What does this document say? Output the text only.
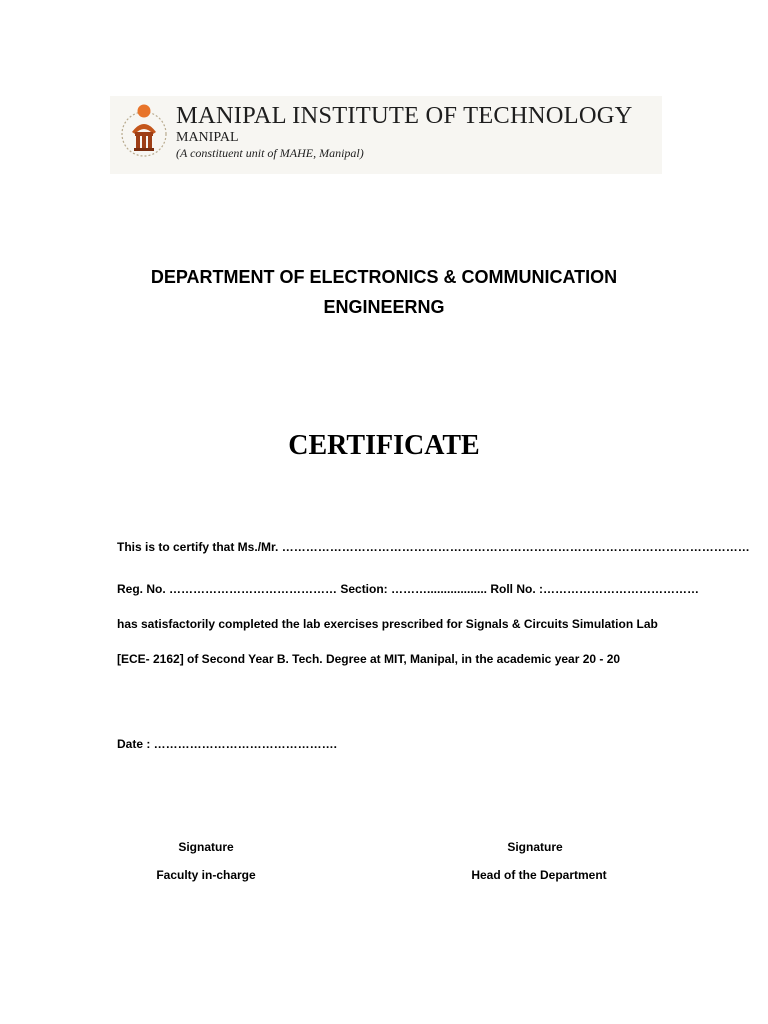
MANIPAL INSTITUTE OF TECHNOLOGY
MANIPAL
(A constituent unit of MAHE, Manipal)
DEPARTMENT OF ELECTRONICS & COMMUNICATION
ENGINEERNG
CERTIFICATE
This is to certify that Ms./Mr. ………………………………………………………………………………………………………
Reg. No. …………………………………… Section: ……….................. Roll No. :…………………………………
has satisfactorily completed the lab exercises prescribed for Signals & Circuits Simulation Lab
[ECE- 2162] of Second Year B. Tech. Degree at MIT, Manipal, in the academic year 20 - 20
Date : ……………………………………….
Signature
Faculty in-charge
Signature
Head of the Department
